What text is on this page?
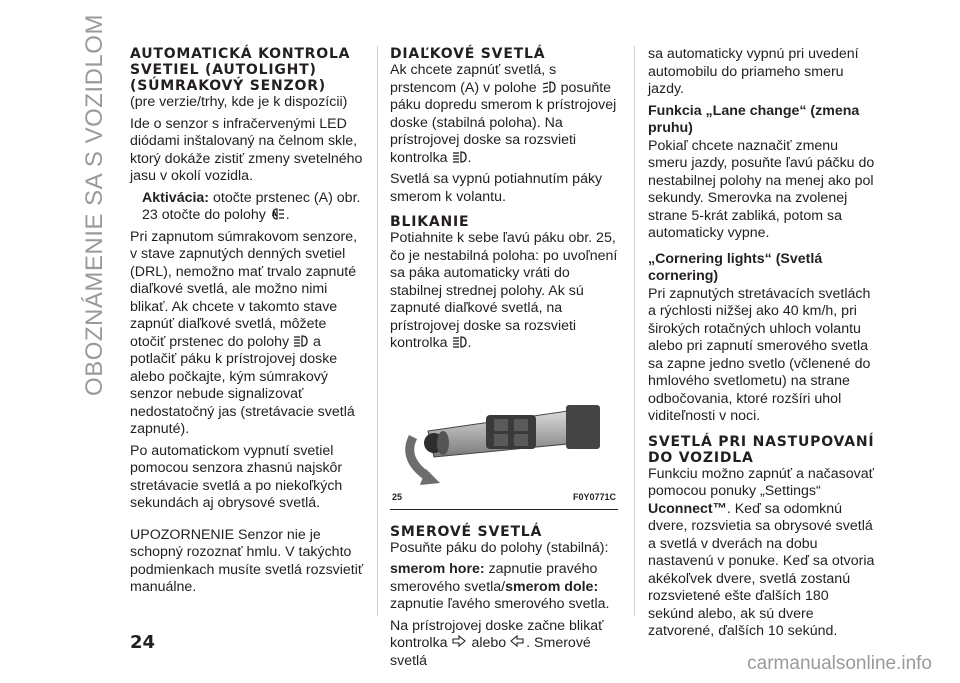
OBOZNÁMENIE SA S VOZIDLOM AUTOMATICKÁ KONTROLA SVETIEL (AUTOLIGHT) (SÚMRAKOVÝ SENZOR)

(pre verzie/trhy, kde je k dispozícii)

Ide o senzor s infračervenými LED diódami inštalovaný na čelnom skle, ktorý dokáže zistiť zmeny svetelného jasu v okolí vozidla.

Aktivácia: otočte prstenec (A) obr. 23 otočte do polohy A .

Pri zapnutom súmrakovom senzore, v stave zapnutých denných svetiel (DRL), nemožno mať trvalo zapnuté diaľkové svetlá, ale možno nimi blikať. Ak chcete v takomto stave zapnúť diaľkové svetlá, môžete otočiť prstenec do polohy a potlačiť páku k prístrojovej doske alebo počkajte, kým súmrakový senzor nebude signalizovať nedostatočný jas (stretávacie svetlá zapnuté).

Po automatickom vypnutí svetiel pomocou senzora zhasnú najskôr stretávacie svetlá a po niekoľkých sekundách aj obrysové svetlá.

UPOZORNENIE Senzor nie je schopný rozoznať hmlu. V takýchto podmienkach musíte svetlá rozsvietiť manuálne.

DIAĽKOVÉ SVETLÁ

Ak chcete zapnúť svetlá, s prstencom (A) v polohe posuňte páku dopredu smerom k prístrojovej doske (stabilná poloha). Na prístrojovej doske sa rozsvieti kontrolka .

Svetlá sa vypnú potiahnutím páky smerom k volantu.

BLIKANIE

Potiahnite k sebe ľavú páku obr. 25, čo je nestabilná poloha: po uvoľnení sa páka automaticky vráti do stabilnej strednej polohy. Ak sú zapnuté diaľkové svetlá, na prístrojovej doske sa rozsvieti kontrolka .

25	F0Y0771C
SMEROVÉ SVETLÁ

Posuňte páku do polohy (stabilná):

smerom hore: zapnutie pravého smerového svetla/smerom dole: zapnutie ľavého smerového svetla.

Na prístrojovej doske začne blikať kontrolka alebo . Smerové svetlá

sa automaticky vypnú pri uvedení automobilu do priameho smeru jazdy.

Funkcia „Lane change“ (zmena pruhu)

Pokiaľ chcete naznačiť zmenu smeru jazdy, posuňte ľavú páčku do nestabilnej polohy na menej ako pol sekundy. Smerovka na zvolenej strane 5-krát zabliká, potom sa automaticky vypne.

„Cornering lights“ (Svetlá cornering)

Pri zapnutých stretávacích svetlách a rýchlosti nižšej ako 40 km/h, pri širokých rotačných uhloch volantu alebo pri zapnutí smerového svetla sa zapne jedno svetlo (včlenené do hmlového svetlometu) na strane odbočovania, ktoré rozšíri uhol viditeľnosti v noci.

SVETLÁ PRI NASTUPOVANÍ DO VOZIDLA

Funkciu možno zapnúť a načasovať pomocou ponuky „Settings“ Uconnect™. Keď sa odomknú dvere, rozsvietia sa obrysové svetlá a svetlá v dverách na dobu nastavenú v ponuke. Keď sa otvoria akékoľvek dvere, svetlá zostanú rozsvietené ešte ďalších 180 sekúnd alebo, ak sú dvere zatvorené, ďalších 10 sekúnd.

24
carmanualsonline.info
